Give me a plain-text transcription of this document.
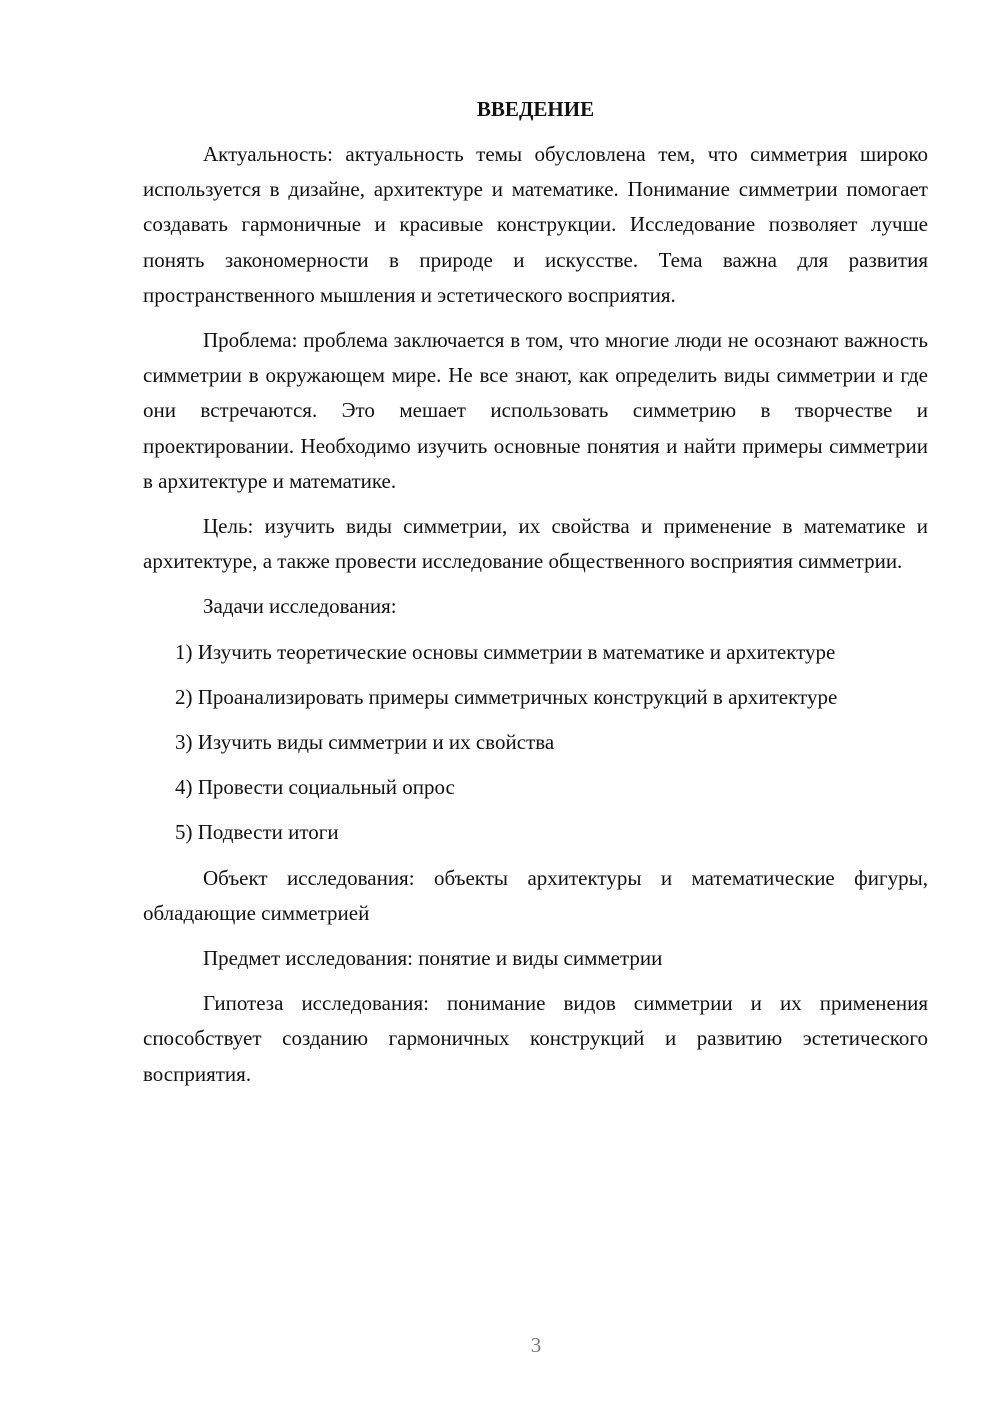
ВВЕДЕНИЕ

Актуальность: актуальность темы обусловлена тем, что симметрия широко используется в дизайне, архитектуре и математике. Понимание симметрии помогает создавать гармоничные и красивые конструкции. Исследование позволяет лучше понять закономерности в природе и искусстве. Тема важна для развития пространственного мышления и эстетического восприятия.

Проблема: проблема заключается в том, что многие люди не осознают важность симметрии в окружающем мире. Не все знают, как определить виды симметрии и где они встречаются. Это мешает использовать симметрию в творчестве и проектировании. Необходимо изучить основные понятия и найти примеры симметрии в архитектуре и математике.

Цель: изучить виды симметрии, их свойства и применение в математике и архитектуре, а также провести исследование общественного восприятия симметрии.

Задачи исследования:

1) Изучить теоретические основы симметрии в математике и архитектуре

2) Проанализировать примеры симметричных конструкций в архитектуре

3) Изучить виды симметрии и их свойства

4) Провести социальный опрос

5) Подвести итоги

Объект исследования: объекты архитектуры и математические фигуры, обладающие симметрией

Предмет исследования: понятие и виды симметрии

Гипотеза исследования: понимание видов симметрии и их применения способствует созданию гармоничных конструкций и развитию эстетического восприятия.

3
